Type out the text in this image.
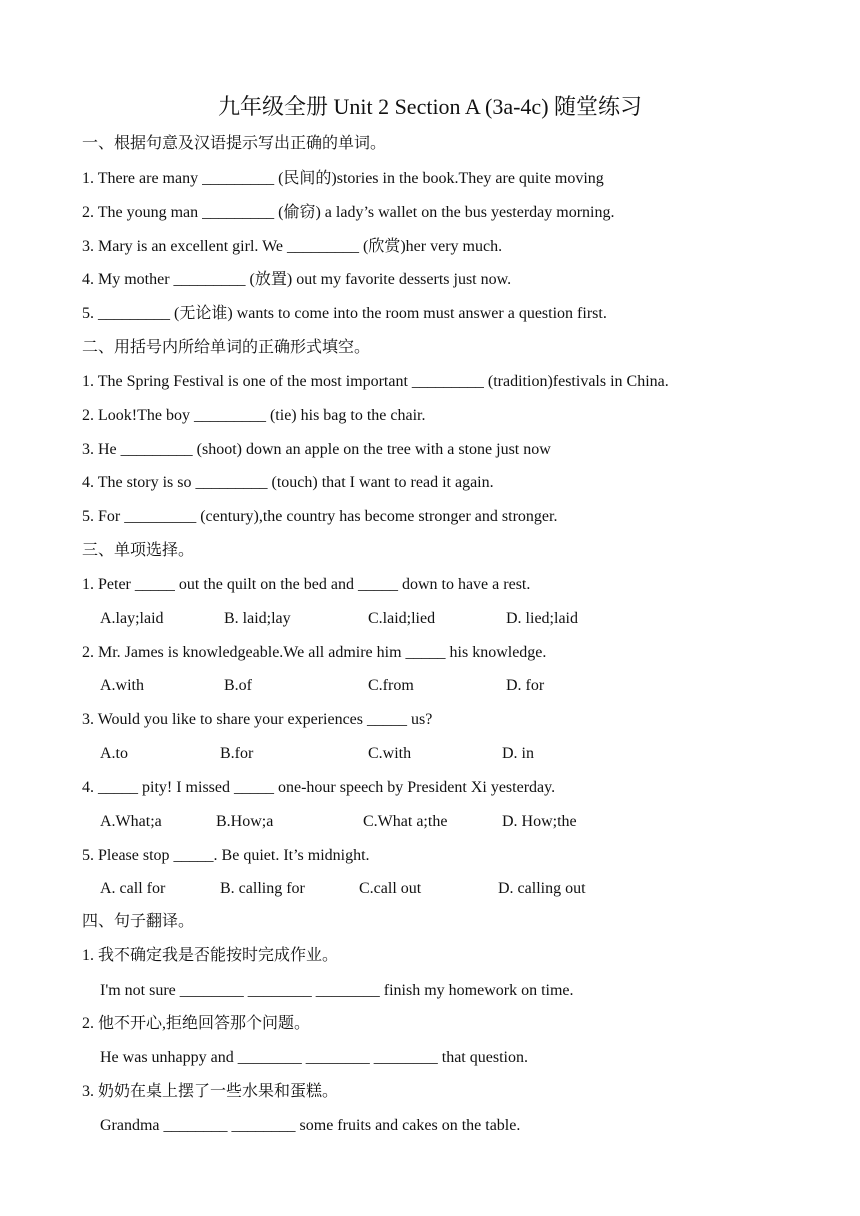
九年级全册 Unit 2 Section A (3a-4c) 随堂练习
一、根据句意及汉语提示写出正确的单词。
1. There are many _________ (民间的)stories in the book.They are quite moving
2. The young man _________ (偷窃) a lady’s wallet on the bus yesterday morning.
3. Mary is an excellent girl. We _________ (欣赏)her very much.
4. My mother _________ (放置) out my favorite desserts just now.
5. _________ (无论谁) wants to come into the room must answer a question first.
二、用括号内所给单词的正确形式填空。
1. The Spring Festival is one of the most important _________ (tradition)festivals in China.
2. Look!The boy _________ (tie) his bag to the chair.
3. He _________ (shoot) down an apple on the tree with a stone just now
4. The story is so _________ (touch) that I want to read it again.
5. For _________ (century),the country has become stronger and stronger.
三、单项选择。
1. Peter _____ out the quilt on the bed and _____ down to have a rest.
A.lay;laid	B. laid;lay	C.laid;lied	D. lied;laid
2. Mr. James is knowledgeable.We all admire him _____ his knowledge.
A.with	B.of	C.from	D. for
3. Would you like to share your experiences _____ us?
A.to	B.for	C.with	D. in
4. _____ pity! I missed _____ one-hour speech by President Xi yesterday.
A.What;a	B.How;a	C.What a;the	D. How;the
5. Please stop _____. Be quiet. It’s midnight.
A. call for	B. calling for	C.call out	D. calling out
四、句子翻译。
1. 我不确定我是否能按时完成作业。
I'm not sure ________ ________ ________ finish my homework on time.
2. 他不开心,拒绝回答那个问题。
He was unhappy and ________ ________ ________ that question.
3. 奶奶在桌上摆了一些水果和蛋糕。
Grandma ________ ________ some fruits and cakes on the table.
